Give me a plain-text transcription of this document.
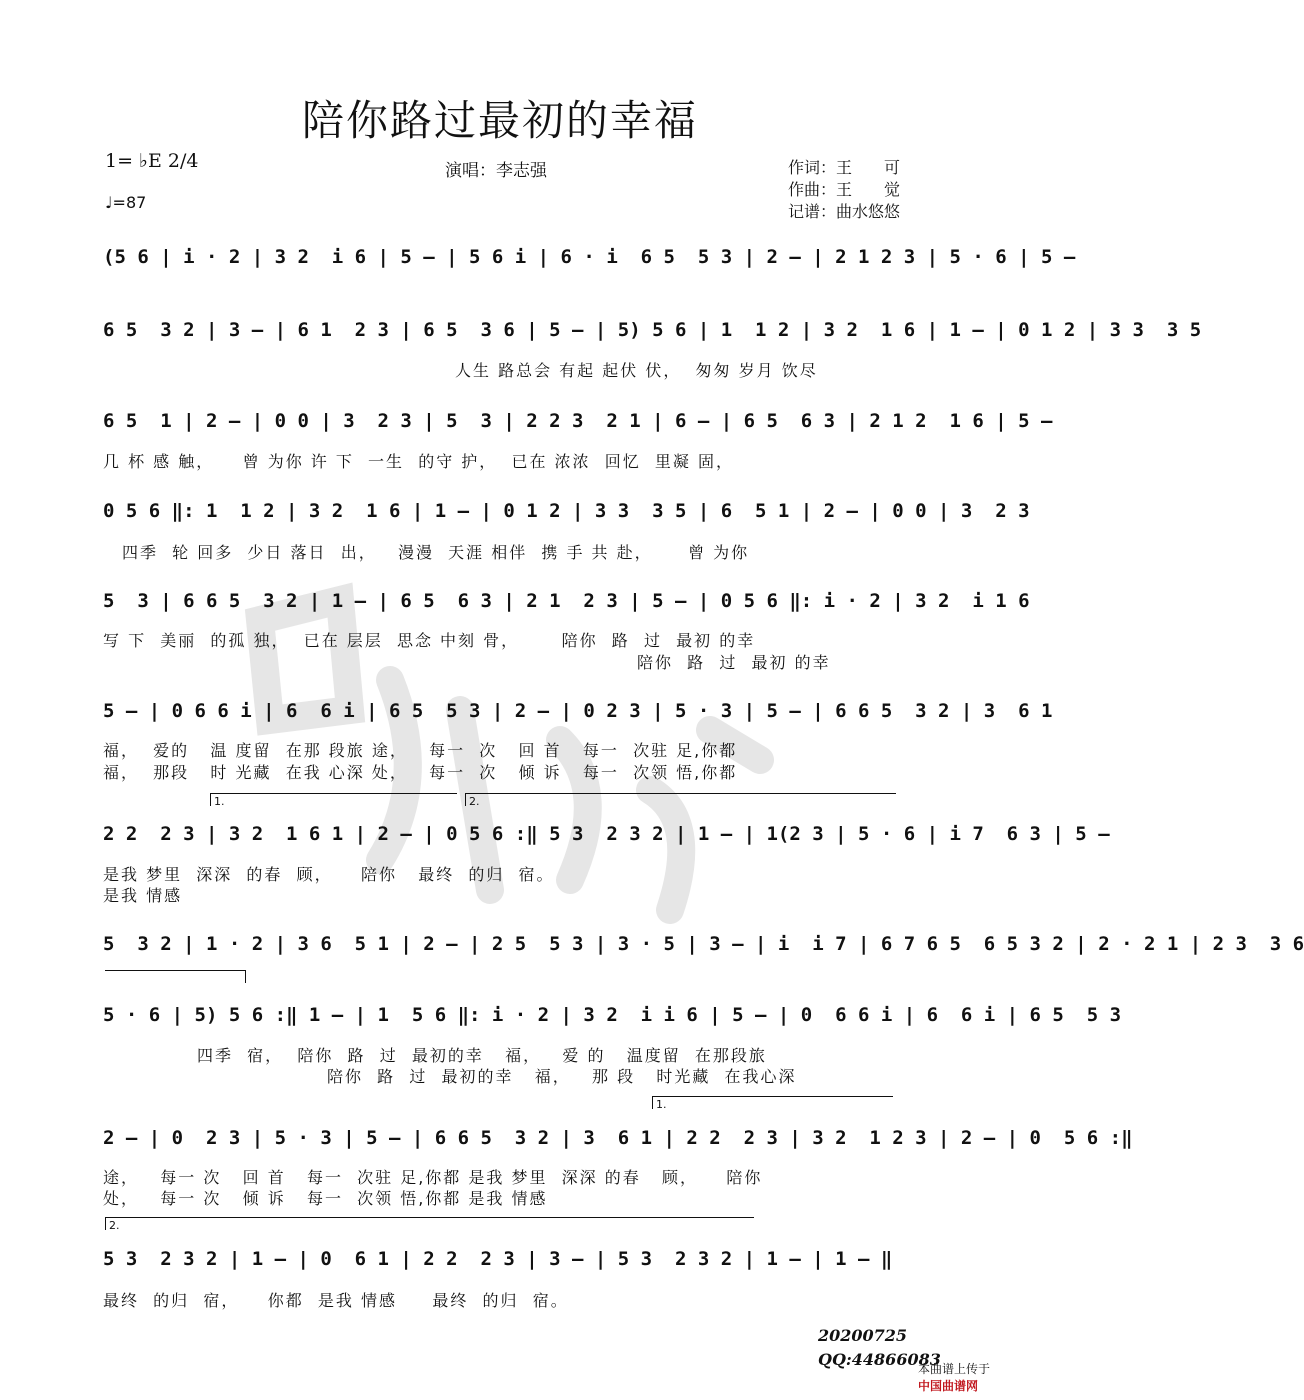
陪你路过最初的幸福
1= ♭E 2/4
♩=87
演唱：李志强	作词：王　　可
作曲：王　　觉
记谱：曲水悠悠
(5 6 | i · 2 | 3 2  i 6 | 5 – | 5 6 i | 6 · i  6 5  5 3 | 2 – | 2 1 2 3 | 5 · 6 | 5 –
6 5  3 2 | 3 – | 6 1  2 3 | 6 5  3 6 | 5 – | 5) 5 6 | 1  1 2 | 3 2  1 6 | 1 – | 0 1 2 | 3 3  3 5
人生 路总会 有起 起伏 伏，  匆匆 岁月 饮尽
6 5  1 | 2 – | 0 0 | 3  2 3 | 5  3 | 2 2 3  2 1 | 6 – | 6 5  6 3 | 2 1 2  1 6 | 5 –
几 杯 感 触，    曾 为你 许 下  一生  的守 护，  已在 浓浓  回忆  里凝 固，
0 5 6 ‖: 1  1 2 | 3 2  1 6 | 1 – | 0 1 2 | 3 3  3 5 | 6  5 1 | 2 – | 0 0 | 3  2 3
四季  轮 回多  少日 落日  出，   漫漫  天涯 相伴  携 手 共 赴，     曾 为你
5  3 | 6 6 5  3 2 | 1 – | 6 5  6 3 | 2 1  2 3 | 5 – | 0 5 6 ‖: i · 2 | 3 2  i 1 6
写 下  美丽  的孤 独，  已在 层层  思念 中刻 骨，      陪你  路  过  最初 的幸
陪你  路  过  最初 的幸
5 – | 0 6 6 i | 6  6 i | 6 5  5 3 | 2 – | 0 2 3 | 5 · 3 | 5 – | 6 6 5  3 2 | 3  6 1
福，  爱的   温 度留  在那 段旅 途，   每一  次   回 首   每一  次驻 足,你都
福，  那段   时 光藏  在我 心深 处，   每一  次   倾 诉   每一  次领 悟,你都
1.	2.
2 2  2 3 | 3 2  1 6 1 | 2 – | 0 5 6 :‖ 5 3  2 3 2 | 1 – | 1(2 3 | 5 · 6 | i 7  6 3 | 5 –
是我 梦里  深深  的春  顾，    陪你   最终  的归  宿。
是我 情感
5  3 2 | 1 · 2 | 3 6  5 1 | 2 – | 2 5  5 3 | 3 · 5 | 3 – | i  i 7 | 6 7 6 5  6 5 3 2 | 2 · 2 1 | 2 3  3 6
5 · 6 | 5) 5 6 :‖ 1 – | 1  5 6 ‖: i · 2 | 3 2  i i 6 | 5 – | 0  6 6 i | 6  6 i | 6 5  5 3
四季  宿，  陪你  路  过  最初的幸   福，   爱 的   温度留  在那段旅
陪你  路  过  最初的幸   福，   那 段   时光藏  在我心深
1.
2 – | 0  2 3 | 5 · 3 | 5 – | 6 6 5  3 2 | 3  6 1 | 2 2  2 3 | 3 2  1 2 3 | 2 – | 0  5 6 :‖
途，   每一 次   回 首   每一  次驻 足,你都 是我 梦里  深深 的春   顾，    陪你
处，   每一 次   倾 诉   每一  次领 悟,你都 是我 情感
2.
5 3  2 3 2 | 1 – | 0  6 1 | 2 2  2 3 | 3 – | 5 3  2 3 2 | 1 – | 1 – ‖
最终  的归  宿，    你都  是我 情感     最终  的归  宿。
20200725
QQ:44866083

本曲谱上传于
中国曲谱网
